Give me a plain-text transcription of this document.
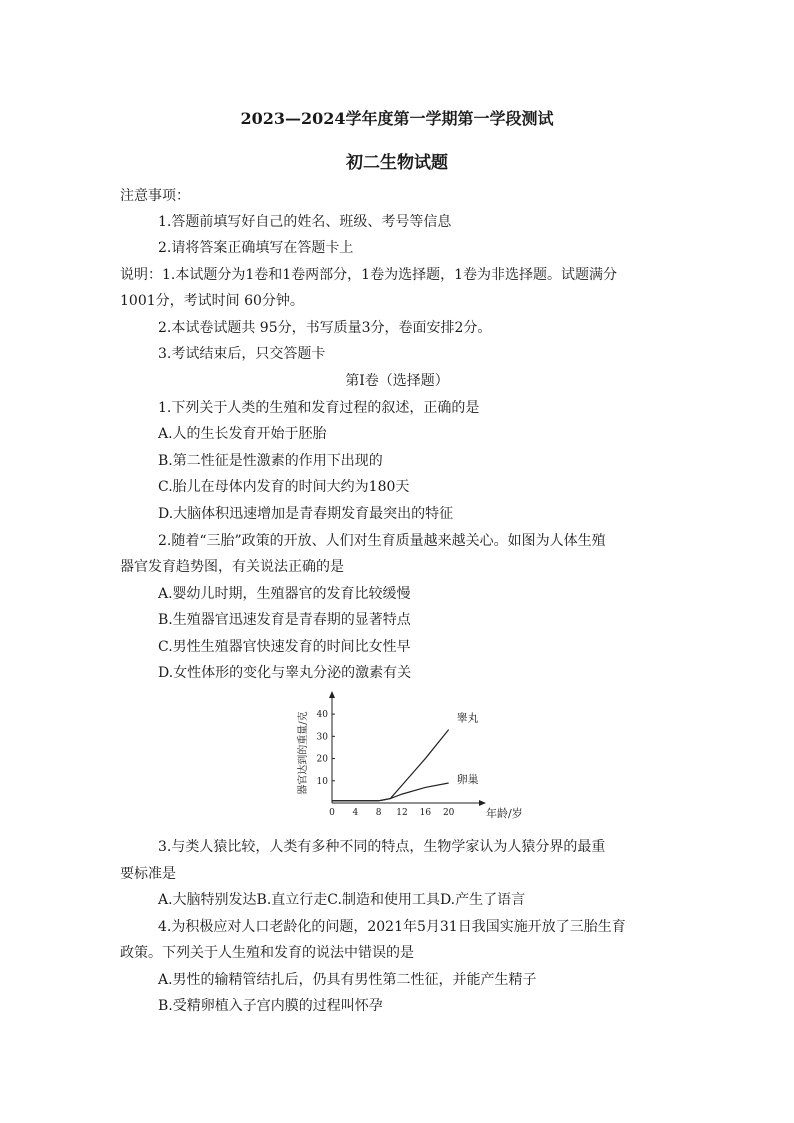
2023—2024学年度第一学期第一学段测试
初二生物试题
注意事项：
1.答题前填写好自己的姓名、班级、考号等信息
2.请将答案正确填写在答题卡上
说明：1.本试题分为1卷和1卷两部分，1卷为选择题，1卷为非选择题。试题满分
1001分，考试时间 60分钟。
2.本试卷试题共 95分，书写质量3分，卷面安排2分。
3.考试结束后，只交答题卡
第Ⅰ卷（选择题）
1.下列关于人类的生殖和发育过程的叙述，正确的是
A.人的生长发育开始于胚胎
B.第二性征是性激素的作用下出现的
C.胎儿在母体内发育的时间大约为180天
D.大脑体积迅速增加是青春期发育最突出的特征
2.随着“三胎”政策的开放、人们对生育质量越来越关心。如图为人体生殖
器官发育趋势图，有关说法正确的是
A.婴幼儿时期，生殖器官的发育比较缓慢
B.生殖器官迅速发育是青春期的显著特点
C.男性生殖器官快速发育的时间比女性早
D.女性体形的变化与睾丸分泌的激素有关
0 4 8 12 16 20
10
20
30
40	睾丸
卵巢
器官达到的重量/克
年龄/岁
3.与类人猿比较，人类有多种不同的特点，生物学家认为人猿分界的最重
要标准是
A.大脑特别发达B.直立行走C.制造和使用工具D.产生了语言
4.为积极应对人口老龄化的问题，2021年5月31日我国实施开放了三胎生育
政策。下列关于人生殖和发育的说法中错误的是
A.男性的输精管结扎后，仍具有男性第二性征，并能产生精子
B.受精卵植入子宫内膜的过程叫怀孕
